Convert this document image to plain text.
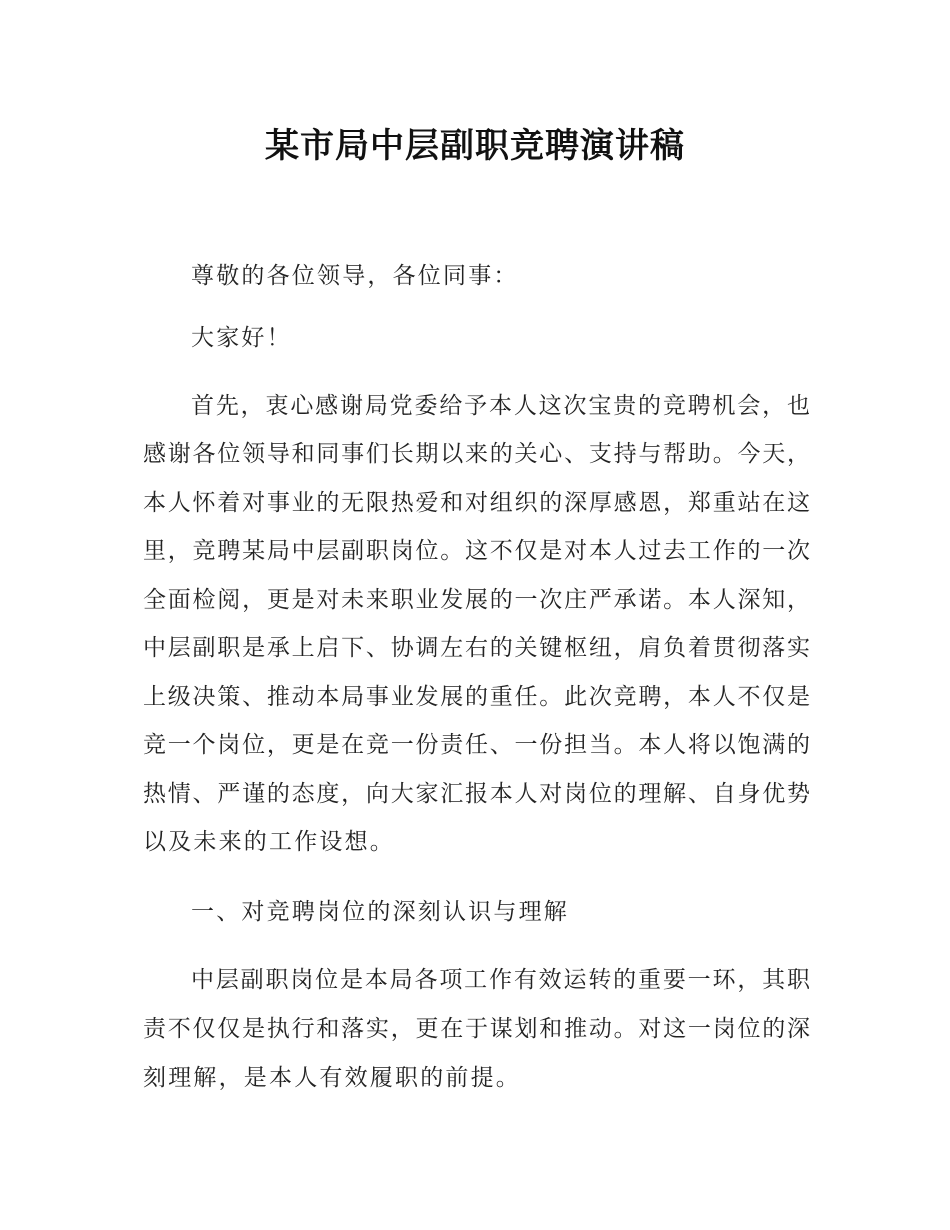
某市局中层副职竞聘演讲稿
尊敬的各位领导，各位同事：
大家好！
首先，衷心感谢局党委给予本人这次宝贵的竞聘机会，也
感谢各位领导和同事们长期以来的关心、支持与帮助。今天，
本人怀着对事业的无限热爱和对组织的深厚感恩，郑重站在这
里，竞聘某局中层副职岗位。这不仅是对本人过去工作的一次
全面检阅，更是对未来职业发展的一次庄严承诺。本人深知，
中层副职是承上启下、协调左右的关键枢纽，肩负着贯彻落实
上级决策、推动本局事业发展的重任。此次竞聘，本人不仅是
竞一个岗位，更是在竞一份责任、一份担当。本人将以饱满的
热情、严谨的态度，向大家汇报本人对岗位的理解、自身优势
以及未来的工作设想。
一、对竞聘岗位的深刻认识与理解
中层副职岗位是本局各项工作有效运转的重要一环，其职
责不仅仅是执行和落实，更在于谋划和推动。对这一岗位的深
刻理解，是本人有效履职的前提。
